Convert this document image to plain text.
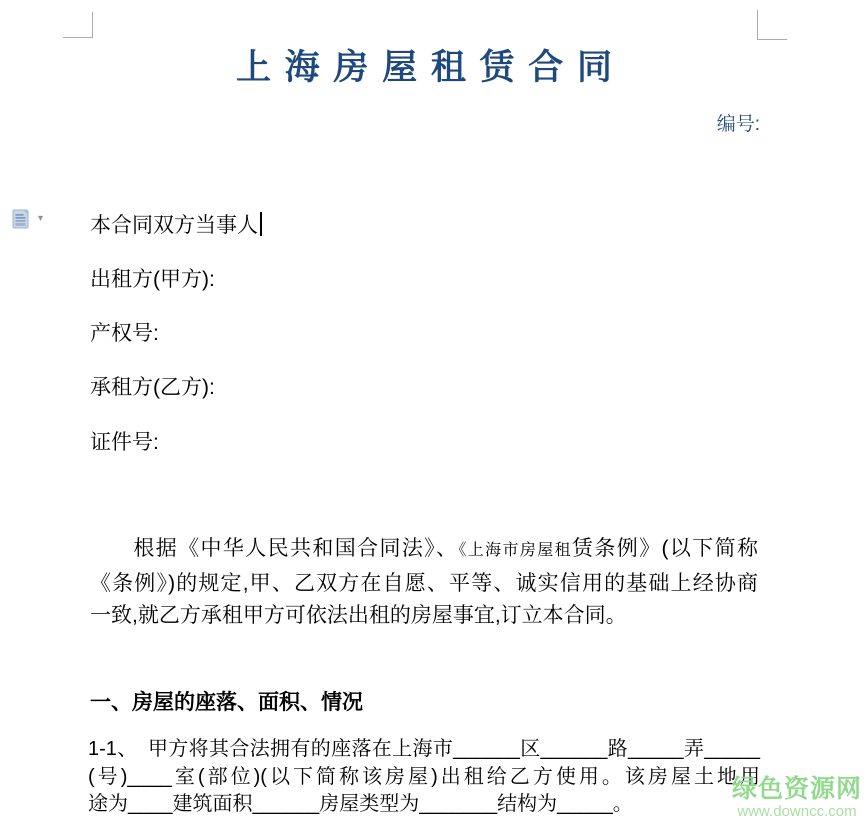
上 海 房 屋 租 赁 合 同
编号:
▾ 本合同双方当事人
出租方(甲方):
产权号:
承租方(乙方):
证件号:
根据《中华人民共和国合同法》、《上海市房屋租赁条例》(以下简称
《条例》)的规定,甲、乙双方在自愿、平等、诚实信用的基础上经协商
一致,就乙方承租甲方可依法出租的房屋事宜,订立本合同。
一、房屋的座落、面积、情况
1-1、　甲方将其合法拥有的座落在上海市______区______路_____弄_____
(号)____室(部位)(以下简称该房屋)出租给乙方使用。该房屋土地用
途为____建筑面积______房屋类型为_______结构为_____。
绿色资源网
www.downcc.com
